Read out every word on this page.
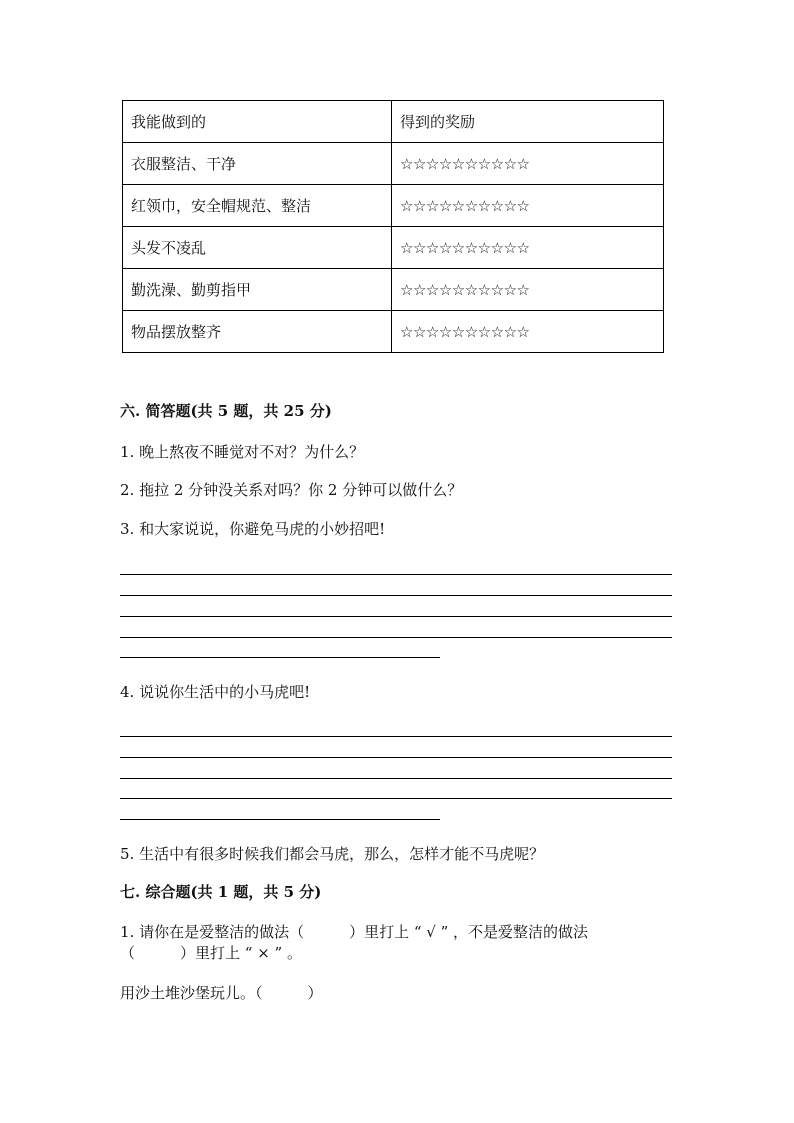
我能做到的	得到的奖励
衣服整洁、干净	☆☆☆☆☆☆☆☆☆☆
红领巾，安全帽规范、整洁	☆☆☆☆☆☆☆☆☆☆
头发不凌乱	☆☆☆☆☆☆☆☆☆☆
勤洗澡、勤剪指甲	☆☆☆☆☆☆☆☆☆☆
物品摆放整齐	☆☆☆☆☆☆☆☆☆☆
六. 简答题(共 5 题，共 25 分)
1. 晚上熬夜不睡觉对不对？为什么？
2. 拖拉 2 分钟没关系对吗？你 2 分钟可以做什么？
3. 和大家说说，你避免马虎的小妙招吧!
4. 说说你生活中的小马虎吧!
5. 生活中有很多时候我们都会马虎，那么，怎样才能不马虎呢？
七. 综合题(共 1 题，共 5 分)
1. 请你在是爱整洁的做法（　　　）里打上 “ √ ” ，不是爱整洁的做法
（　　　）里打上 “ × ” 。
用沙土堆沙堡玩儿。（　　　）
